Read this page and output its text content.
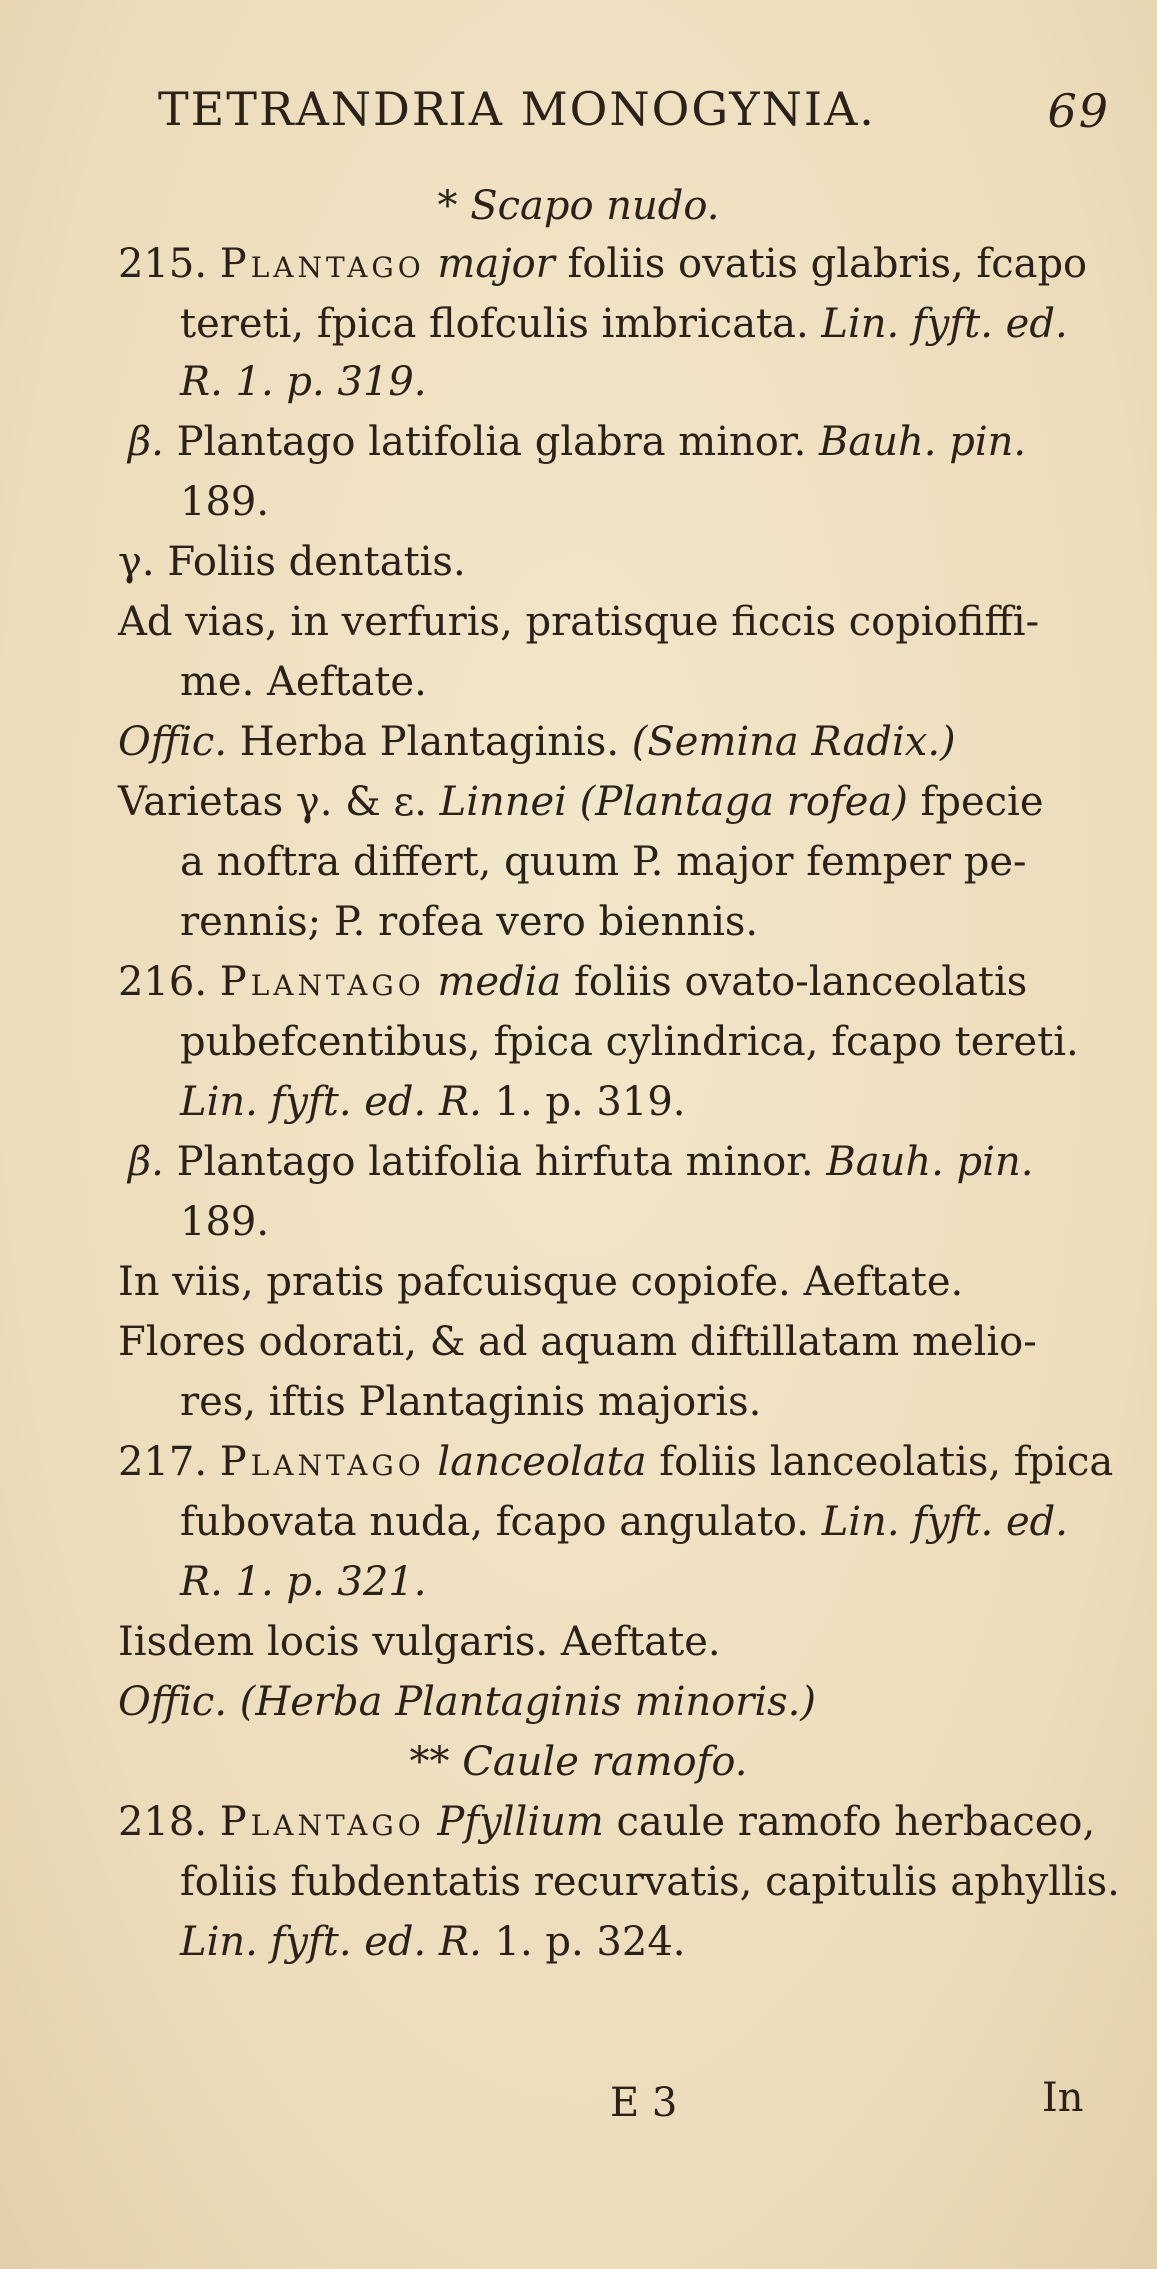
TETRANDRIA MONOGYNIA.	69
* Scapo nudo.
215. Plantago major foliis ovatis glabris, fcapo
tereti, fpica flofculis imbricata. Lin. fyft. ed.
R. 1. p. 319.
β. Plantago latifolia glabra minor. Bauh. pin.
189.
γ. Foliis dentatis.
Ad vias, in verfuris, pratisque ficcis copiofiffi-
me. Aeftate.
Offic. Herba Plantaginis. (Semina Radix.)
Varietas γ. & ε. Linnei (Plantaga rofea) fpecie
a noftra differt, quum P. major femper pe-
rennis; P. rofea vero biennis.
216. Plantago media foliis ovato-lanceolatis
pubefcentibus, fpica cylindrica, fcapo tereti.
Lin. fyft. ed. R. 1. p. 319.
β. Plantago latifolia hirfuta minor. Bauh. pin.
189.
In viis, pratis pafcuisque copiofe. Aeftate.
Flores odorati, & ad aquam diftillatam melio-
res, iftis Plantaginis majoris.
217. Plantago lanceolata foliis lanceolatis, fpica
fubovata nuda, fcapo angulato. Lin. fyft. ed.
R. 1. p. 321.
Iisdem locis vulgaris. Aeftate.
Offic. (Herba Plantaginis minoris.)
** Caule ramofo.
218. Plantago Pfyllium caule ramofo herbaceo,
foliis fubdentatis recurvatis, capitulis aphyllis.
Lin. fyft. ed. R. 1. p. 324.
E 3	In
